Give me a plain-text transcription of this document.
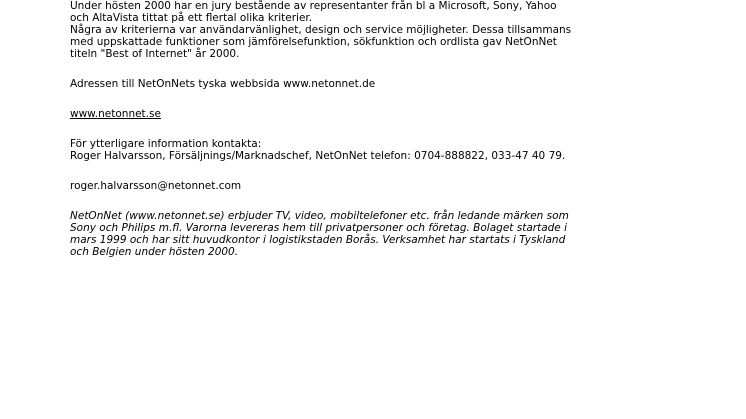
Under hösten 2000 har en jury bestående av representanter från bl a Microsoft, Sony, Yahoo

och AltaVista tittat på ett flertal olika kriterier.

Några av kriterierna var användarvänlighet, design och service möjligheter. Dessa tillsammans

med uppskattade funktioner som jämförelsefunktion, sökfunktion och ordlista gav NetOnNet

titeln "Best of Internet" år 2000.

Adressen till NetOnNets tyska webbsida www.netonnet.de

www.netonnet.se

För ytterligare information kontakta:

Roger Halvarsson, Försäljnings/Marknadschef, NetOnNet telefon: 0704-888822, 033-47 40 79.

roger.halvarsson@netonnet.com

NetOnNet (www.netonnet.se) erbjuder TV, video, mobiltelefoner etc. från ledande märken som

Sony och Philips m.fl. Varorna levereras hem till privatpersoner och företag. Bolaget startade i

mars 1999 och har sitt huvudkontor i logistikstaden Borås. Verksamhet har startats i Tyskland

och Belgien under hösten 2000.
